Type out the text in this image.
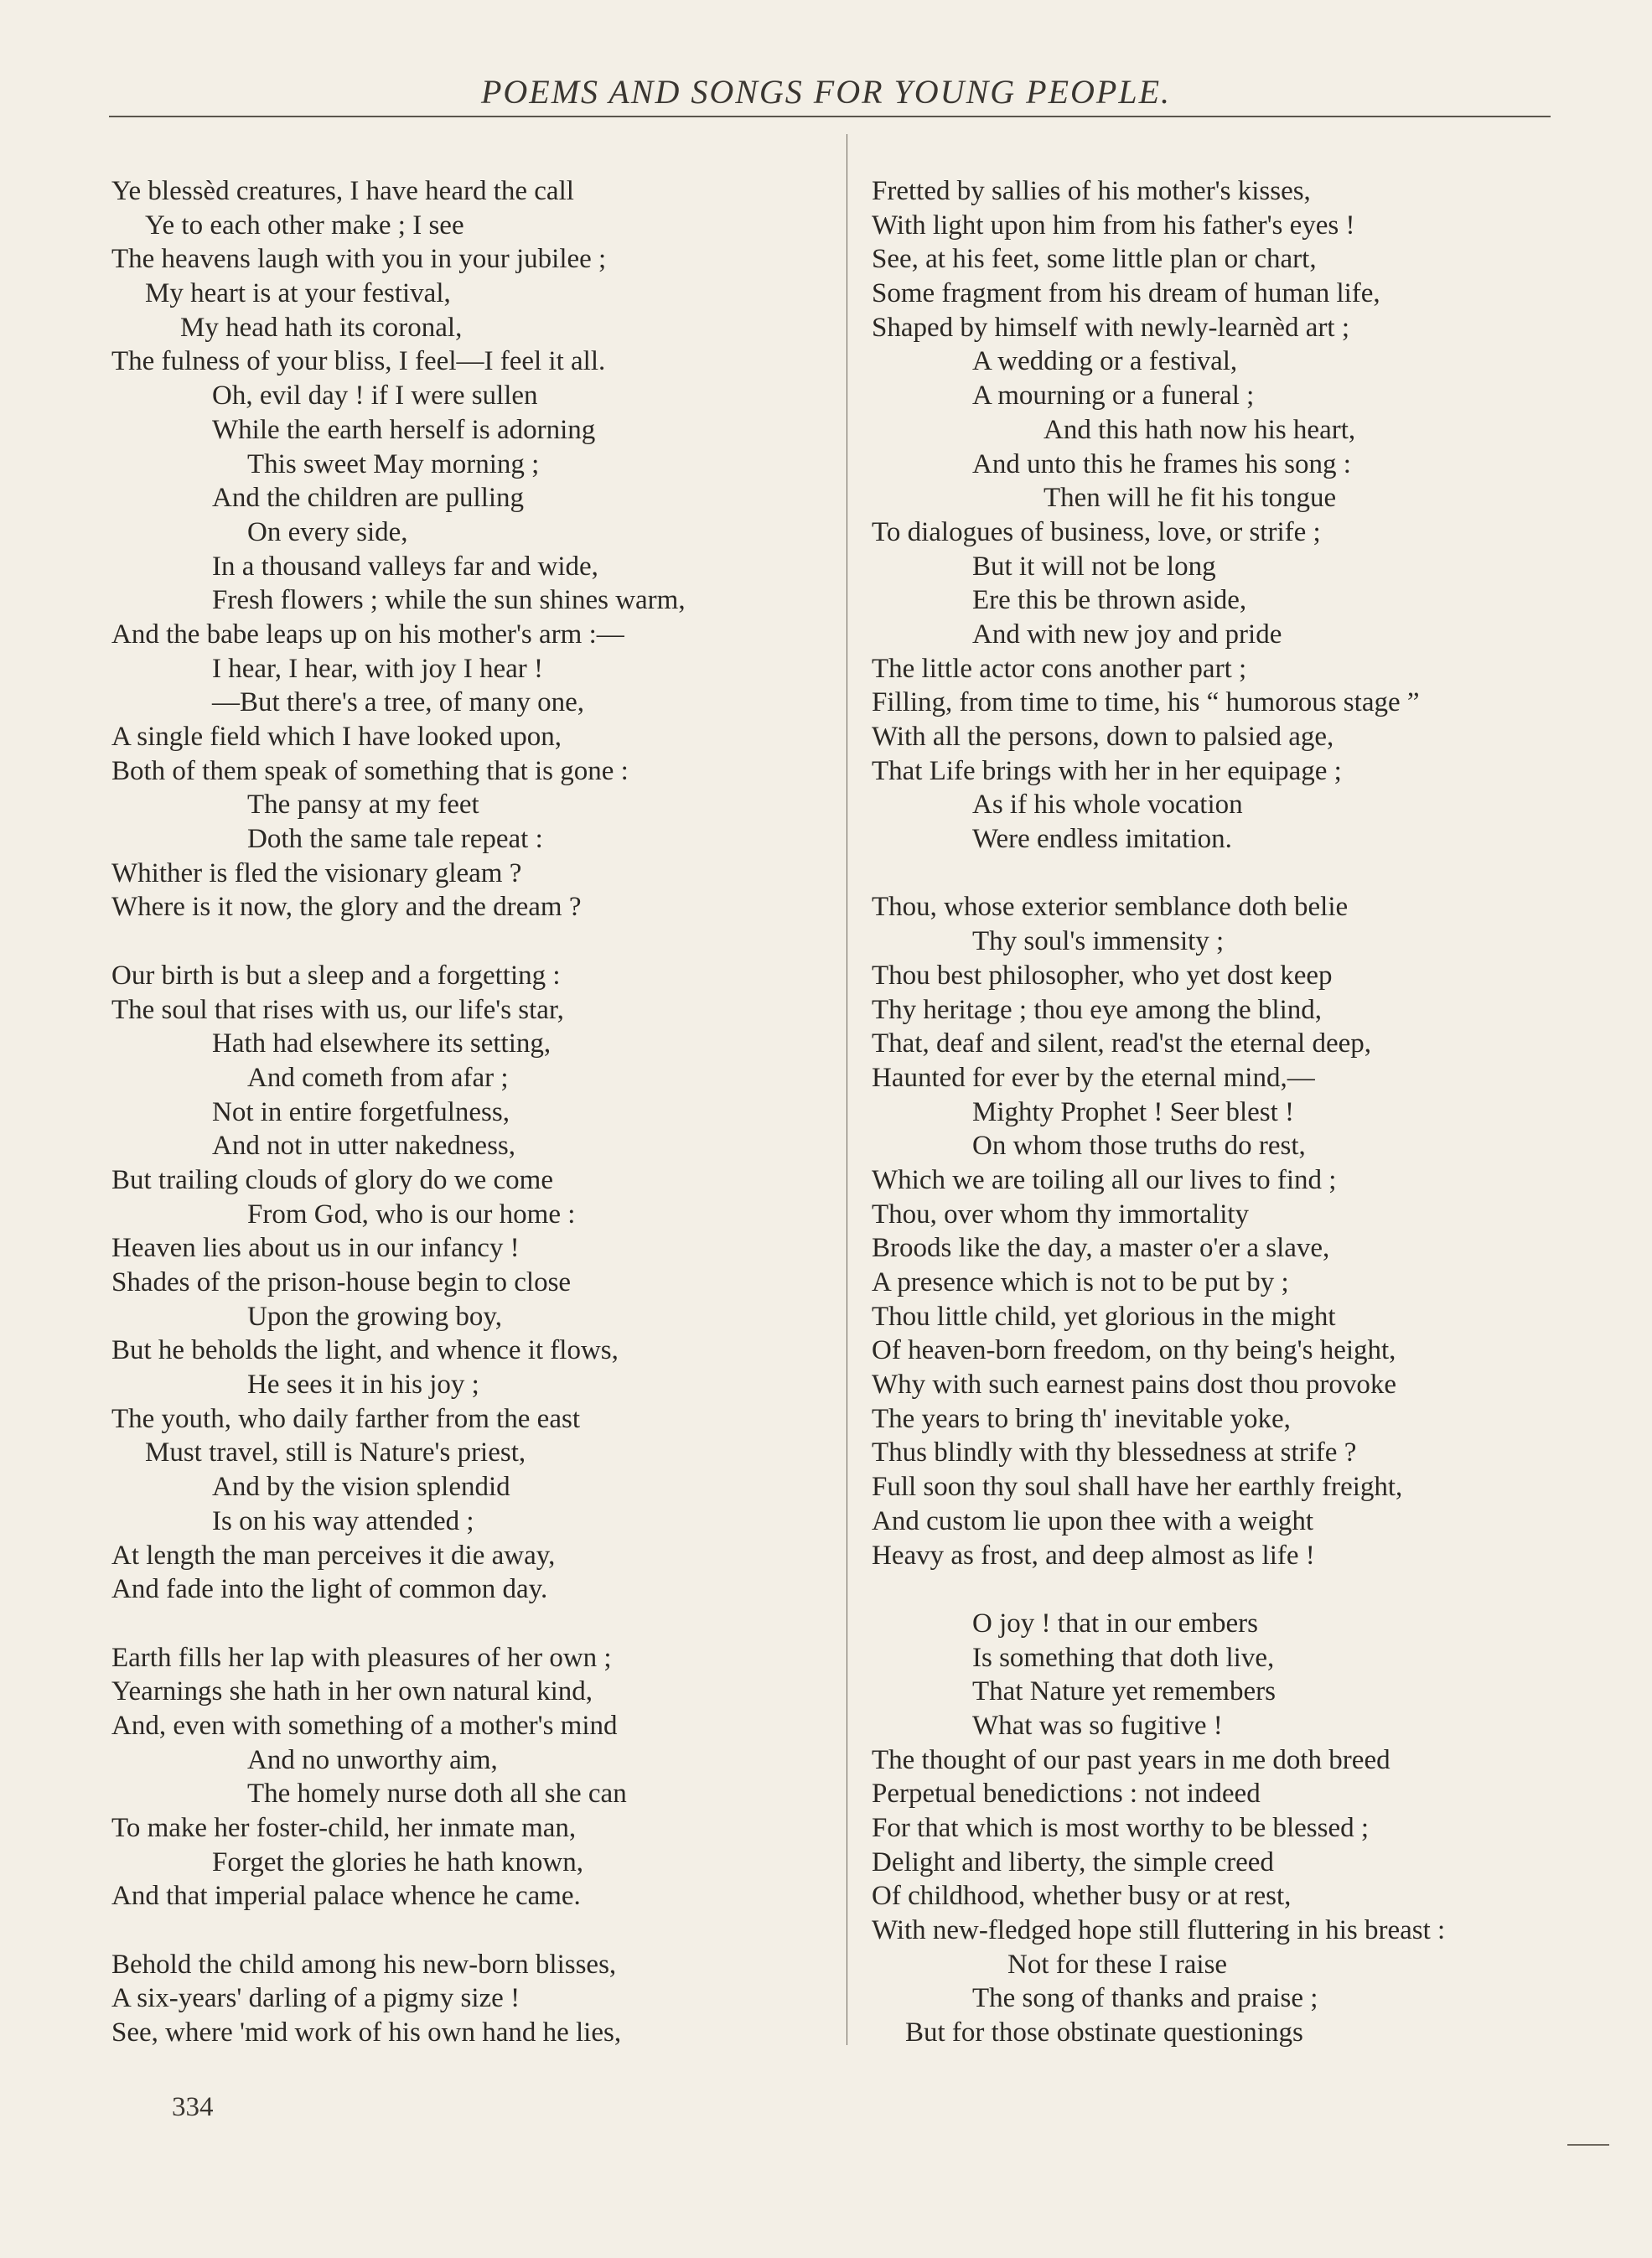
POEMS AND SONGS FOR YOUNG PEOPLE.
Ye blessèd creatures, I have heard the call
Ye to each other make ; I see
The heavens laugh with you in your jubilee ;
My heart is at your festival,
My head hath its coronal,
The fulness of your bliss, I feel—I feel it all.
Oh, evil day ! if I were sullen
While the earth herself is adorning
This sweet May morning ;
And the children are pulling
On every side,
In a thousand valleys far and wide,
Fresh flowers ; while the sun shines warm,
And the babe leaps up on his mother's arm :—
I hear, I hear, with joy I hear !
—But there's a tree, of many one,
A single field which I have looked upon,
Both of them speak of something that is gone :
The pansy at my feet
Doth the same tale repeat :
Whither is fled the visionary gleam ?
Where is it now, the glory and the dream ?
Our birth is but a sleep and a forgetting :
The soul that rises with us, our life's star,
Hath had elsewhere its setting,
And cometh from afar ;
Not in entire forgetfulness,
And not in utter nakedness,
But trailing clouds of glory do we come
From God, who is our home :
Heaven lies about us in our infancy !
Shades of the prison-house begin to close
Upon the growing boy,
But he beholds the light, and whence it flows,
He sees it in his joy ;
The youth, who daily farther from the east
Must travel, still is Nature's priest,
And by the vision splendid
Is on his way attended ;
At length the man perceives it die away,
And fade into the light of common day.
Earth fills her lap with pleasures of her own ;
Yearnings she hath in her own natural kind,
And, even with something of a mother's mind
And no unworthy aim,
The homely nurse doth all she can
To make her foster-child, her inmate man,
Forget the glories he hath known,
And that imperial palace whence he came.
Behold the child among his new-born blisses,
A six-years' darling of a pigmy size !
See, where 'mid work of his own hand he lies,
Fretted by sallies of his mother's kisses,
With light upon him from his father's eyes !
See, at his feet, some little plan or chart,
Some fragment from his dream of human life,
Shaped by himself with newly-learnèd art ;
A wedding or a festival,
A mourning or a funeral ;
And this hath now his heart,
And unto this he frames his song :
Then will he fit his tongue
To dialogues of business, love, or strife ;
But it will not be long
Ere this be thrown aside,
And with new joy and pride
The little actor cons another part ;
Filling, from time to time, his “ humorous stage ”
With all the persons, down to palsied age,
That Life brings with her in her equipage ;
As if his whole vocation
Were endless imitation.
Thou, whose exterior semblance doth belie
Thy soul's immensity ;
Thou best philosopher, who yet dost keep
Thy heritage ; thou eye among the blind,
That, deaf and silent, read'st the eternal deep,
Haunted for ever by the eternal mind,—
Mighty Prophet ! Seer blest !
On whom those truths do rest,
Which we are toiling all our lives to find ;
Thou, over whom thy immortality
Broods like the day, a master o'er a slave,
A presence which is not to be put by ;
Thou little child, yet glorious in the might
Of heaven-born freedom, on thy being's height,
Why with such earnest pains dost thou provoke
The years to bring th' inevitable yoke,
Thus blindly with thy blessedness at strife ?
Full soon thy soul shall have her earthly freight,
And custom lie upon thee with a weight
Heavy as frost, and deep almost as life !
O joy ! that in our embers
Is something that doth live,
That Nature yet remembers
What was so fugitive !
The thought of our past years in me doth breed
Perpetual benedictions : not indeed
For that which is most worthy to be blessed ;
Delight and liberty, the simple creed
Of childhood, whether busy or at rest,
With new-fledged hope still fluttering in his breast :
Not for these I raise
The song of thanks and praise ;
But for those obstinate questionings
334
